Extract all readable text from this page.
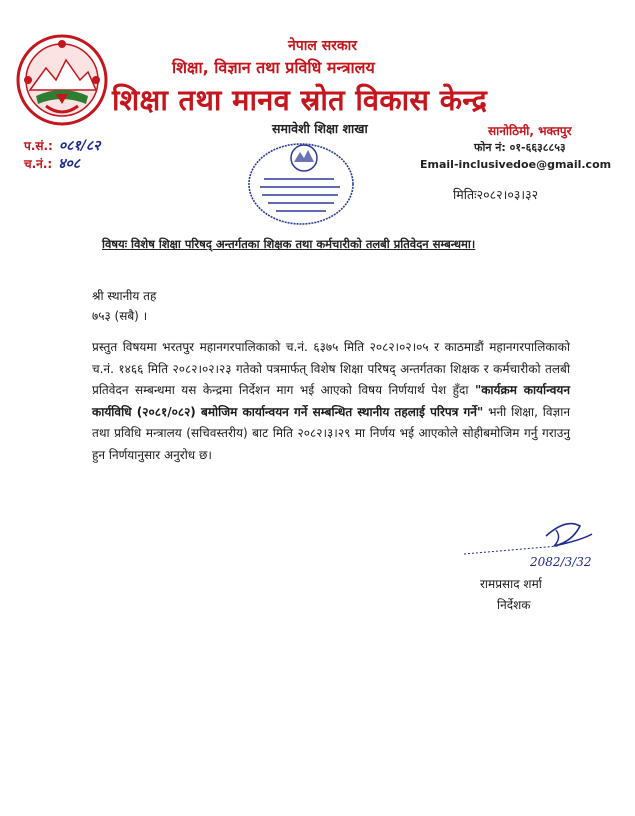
नेपाल सरकार
शिक्षा, विज्ञान तथा प्रविधि मन्त्रालय
शिक्षा तथा मानव स्रोत विकास केन्द्र
समावेशी शिक्षा शाखा
प.सं.: ०८१/८२
च.नं.: ४०८
सानोठिमी, भक्तपुर
फोन नं: ०१-६६३८८५३
Email-inclusivedoe@gmail.com
मितिः२०८२।०३।३२
विषयः विशेष शिक्षा परिषद् अन्तर्गतका शिक्षक तथा कर्मचारीको तलबी प्रतिवेदन सम्बन्धमा।
श्री स्थानीय तह
७५३ (सबै) ।
प्रस्तुत विषयमा भरतपुर महानगरपालिकाको च.नं. ६३७५ मिति २०८२।०२।०५ र काठमाडौं महानगरपालिकाको च.नं. १४६६ मिति २०८२।०२।२३ गतेको पत्रमार्फत् विशेष शिक्षा परिषद् अन्तर्गतका शिक्षक र कर्मचारीको तलबी प्रतिवेदन सम्बन्धमा यस केन्द्रमा निर्देशन माग भई आएको विषय निर्णयार्थ पेश हुँदा "कार्यक्रम कार्यान्वयन कार्यविधि (२०८१/०८२) बमोजिम कार्यान्वयन गर्ने सम्बन्धित स्थानीय तहलाई परिपत्र गर्ने" भनी शिक्षा, विज्ञान तथा प्रविधि मन्त्रालय (सचिवस्तरीय) बाट मिति २०८२।३।२९ मा निर्णय भई आएकोले सोहीबमोजिम गर्नु गराउनु हुन निर्णयानुसार अनुरोध छ।
2082/3/32
रामप्रसाद शर्मा
निर्देशक
